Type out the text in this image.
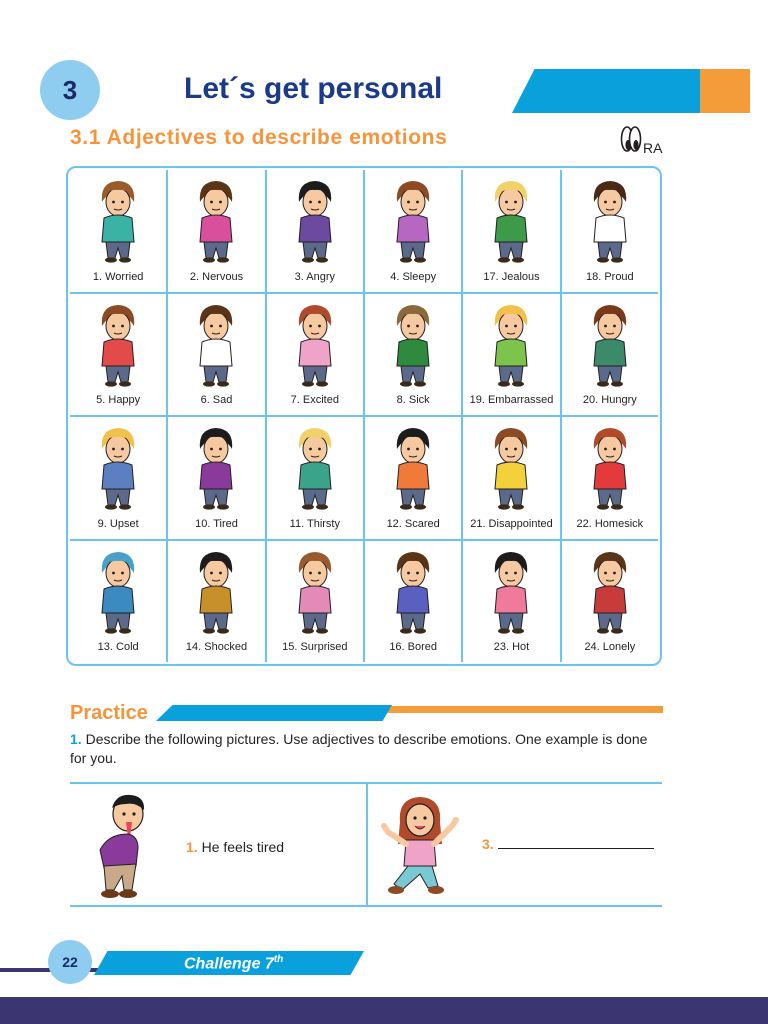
3	Let´s get personal
3.1 Adjectives to describe emotions	RA
1. Worried	2. Nervous	3. Angry	4. Sleepy	17. Jealous	18. Proud
5. Happy	6. Sad	7. Excited	8. Sick	19. Embarrassed	20. Hungry
9. Upset	10. Tired	11. Thirsty	12. Scared	21. Disappointed	22. Homesick
13. Cold	14. Shocked	15. Surprised	16. Bored	23. Hot	24. Lonely
Practice
1. Describe the following pictures. Use adjectives to describe emotions. One example is done for you.
1. He feels tired	3.
22	Challenge 7th
